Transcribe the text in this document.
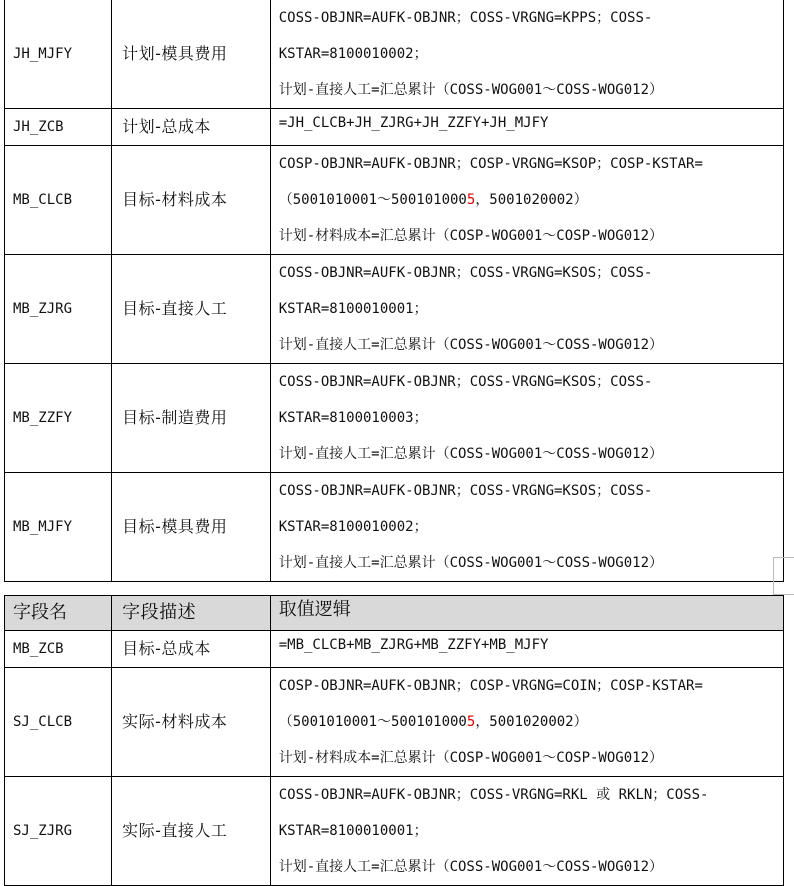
JH_MJFY	计划-模具费用	COSS-OBJNR=AUFK-OBJNR；COSS-VRGNG=KPPS；COSS-
KSTAR=8100010002；
计划-直接人工=汇总累计（COSS-WOG001～COSS-WOG012）

JH_ZCB	计划-总成本	=JH_CLCB+JH_ZJRG+JH_ZZFY+JH_MJFY

MB_CLCB	目标-材料成本	COSP-OBJNR=AUFK-OBJNR；COSP-VRGNG=KSOP；COSP-KSTAR=
（5001010001～5001010005，5001020002）
计划-材料成本=汇总累计（COSP-WOG001～COSP-WOG012）

MB_ZJRG	目标-直接人工	COSS-OBJNR=AUFK-OBJNR；COSS-VRGNG=KSOS；COSS-
KSTAR=8100010001；
计划-直接人工=汇总累计（COSS-WOG001～COSS-WOG012）

MB_ZZFY	目标-制造费用	COSS-OBJNR=AUFK-OBJNR；COSS-VRGNG=KSOS；COSS-
KSTAR=8100010003；
计划-直接人工=汇总累计（COSS-WOG001～COSS-WOG012）

MB_MJFY	目标-模具费用	COSS-OBJNR=AUFK-OBJNR；COSS-VRGNG=KSOS；COSS-
KSTAR=8100010002；
计划-直接人工=汇总累计（COSS-WOG001～COSS-WOG012）
字段名	字段描述	取值逻辑
MB_ZCB	目标-总成本	=MB_CLCB+MB_ZJRG+MB_ZZFY+MB_MJFY

SJ_CLCB	实际-材料成本	COSP-OBJNR=AUFK-OBJNR；COSP-VRGNG=COIN；COSP-KSTAR=
（5001010001～5001010005，5001020002）
计划-材料成本=汇总累计（COSP-WOG001～COSP-WOG012）

SJ_ZJRG	实际-直接人工	COSS-OBJNR=AUFK-OBJNR；COSS-VRGNG=RKL 或 RKLN；COSS-
KSTAR=8100010001；
计划-直接人工=汇总累计（COSS-WOG001～COSS-WOG012）
